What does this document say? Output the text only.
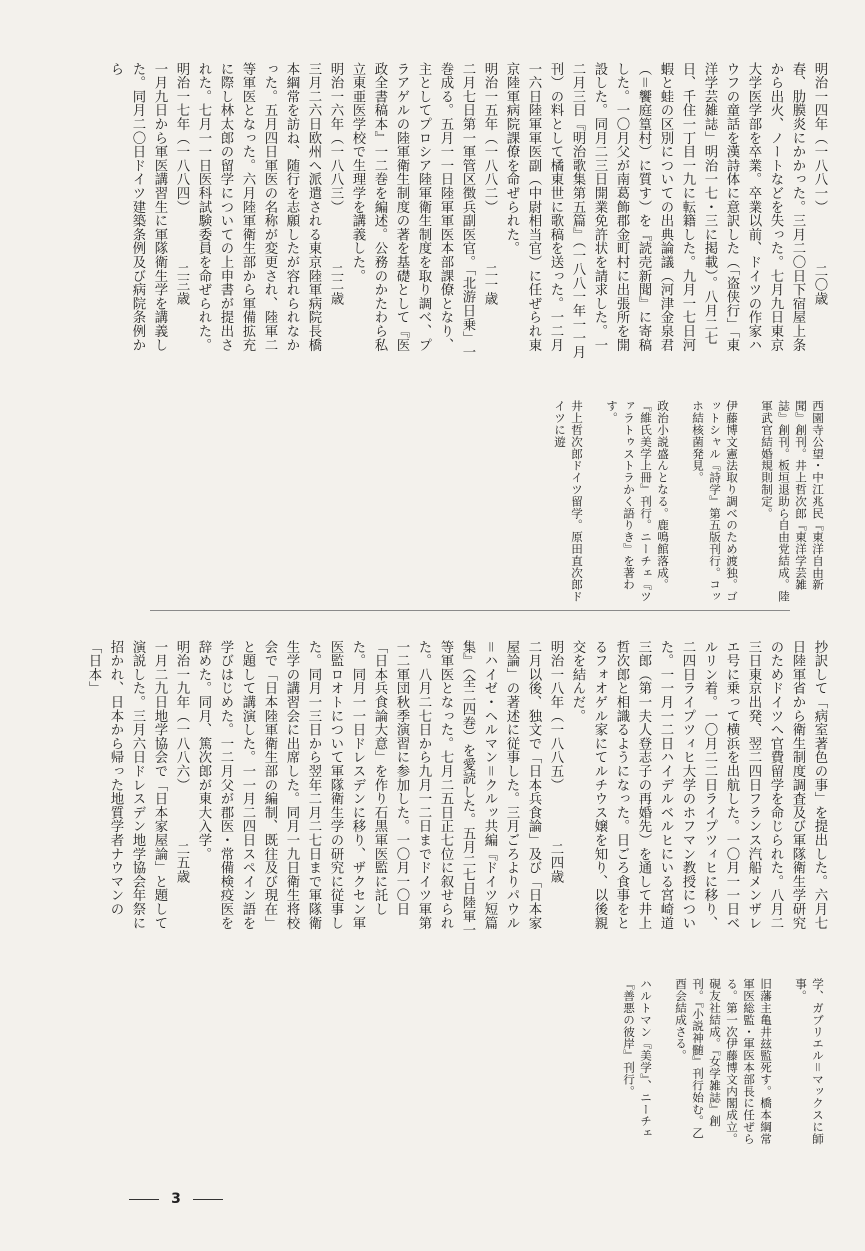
明治一四年（一八八一）　　二〇歳
春、肋膜炎にかかった。三月二〇日下宿屋上条から出火、ノートなどを失った。七月九日東京大学医学部を卒業。卒業以前、ドイツの作家ハウフの童話を漢詩体に意訳した（「盗侠行」「東洋学芸雑誌」明治一七・三に掲載）。八月二七日、千住一丁目一九に転籍した。九月一七日河蝦と蛙の区別についての出典論議（河津金泉君（＝饗庭篁村）に質す）を『読売新聞』に寄稿した。一〇月父が南葛飾郡金町村に出張所を開設した。同月二三日開業免許状を請求した。一二月三日『明治歌集第五篇』（一八八一年一一月刊）の料として橘東世に歌稿を送った。一二月一六日陸軍軍医副（中尉相当官）に任ぜられ東京陸軍病院課僚を命ぜられた。
明治一五年（一八八二）　　二一歳
二月七日第一軍管区徴兵副医官。「北游日乗」一巻成る。五月一一日陸軍軍医本部課僚となり、主としてプロシア陸軍衛生制度を取り調べ、プラアゲルの陸軍衛生制度の著を基礎として『医政全書稿本』一二巻を編述。公務のかたわら私立東亜医学校で生理学を講義した。
明治一六年（一八八三）　　二二歳
三月二六日欧州へ派遣される東京陸軍病院長橋本綱常を訪ね、随行を志願したが容れられなかった。五月四日軍医の名称が変更され、陸軍二等軍医となった。六月陸軍衛生部から軍備拡充に際し林太郎の留学についての上申書が提出された。七月一一日医科試験委員を命ぜられた。
明治一七年（一八八四）　　二三歳
一月九日から軍医講習生に軍隊衛生学を講義した。同月二〇日ドイツ建築条例及び病院条例から
西園寺公望・中江兆民『東洋自由新聞』創刊。井上哲次郎『東洋学芸雑誌』創刊。板垣退助ら自由党結成。陸軍武官結婚規則制定。
伊藤博文憲法取り調べのため渡独。ゴットシャル『詩学』第五版刊行。コッホ結核菌発見。
政治小説盛んとなる。鹿鳴館落成。『維氏美学上冊』刊行。ニーチェ『ツァラトゥストラかく語りき』を著わす。
井上哲次郎ドイツ留学。原田直次郎ドイツに遊
抄訳して「病室著色の事」を提出した。六月七日陸軍省から衛生制度調査及び軍隊衛生学研究のためドイツへ官費留学を命じられた。八月二三日東京出発、翌二四日フランス汽船メンザレエ号に乗って横浜を出航した。一〇月一一日ベルリン着。一〇月二二日ライプツィヒに移り、二四日ライプツィヒ大学のホフマン教授についた。一一月一二日ハイデルベルヒにいる宮崎道三郎（第一夫人登志子の再婚先）を通して井上哲次郎と相識るようになった。日ごろ食事をとるフォオゲル家にてルチウス嬢を知り、以後親交を結んだ。
明治一八年（一八八五）　　二四歳
二月以後、独文で「日本兵食論」及び「日本家屋論」の著述に従事した。三月ごろよりパウル＝ハイゼ・ヘルマン＝クルッ共編『ドイツ短篇集』（全二四巻）を愛読した。五月二七日陸軍一等軍医となった。七月二五日正七位に叙せられた。八月二七日から九月一二日までドイツ軍第一二軍団秋季演習に参加した。一〇月一〇日「日本兵食論大意」を作り石黒軍医監に託した。同月一一日ドレスデンに移り、ザクセン軍医監ロオトについて軍隊衛生学の研究に従事した。同月一三日から翌年二月二七日まで軍隊衛生学の講習会に出席した。同月一九日衛生将校会で「日本陸軍衛生部の編制、既往及び現在」と題して講演した。一一月二四日スペイン語を学びはじめた。一二月父が郡医・常備検疫医を辞めた。同月、篤次郎が東大入学。
明治一九年（一八八六）　　二五歳
一月二九日地学協会で「日本家屋論」と題して演説した。三月六日ドレスデン地学協会年祭に招かれ、日本から帰った地質学者ナウマンの「日本」
学、ガブリエル＝マックスに師事。
旧藩主亀井玆監死す。橋本綱常軍医総監・軍医本部長に任ぜらる。第一次伊藤博文内閣成立。硯友社結成。『女学雑誌』創刊。『小説神髄』刊行始む。乙酉会結成さる。
ハルトマン『美学』、ニーチェ『善悪の彼岸』刊行。
3
